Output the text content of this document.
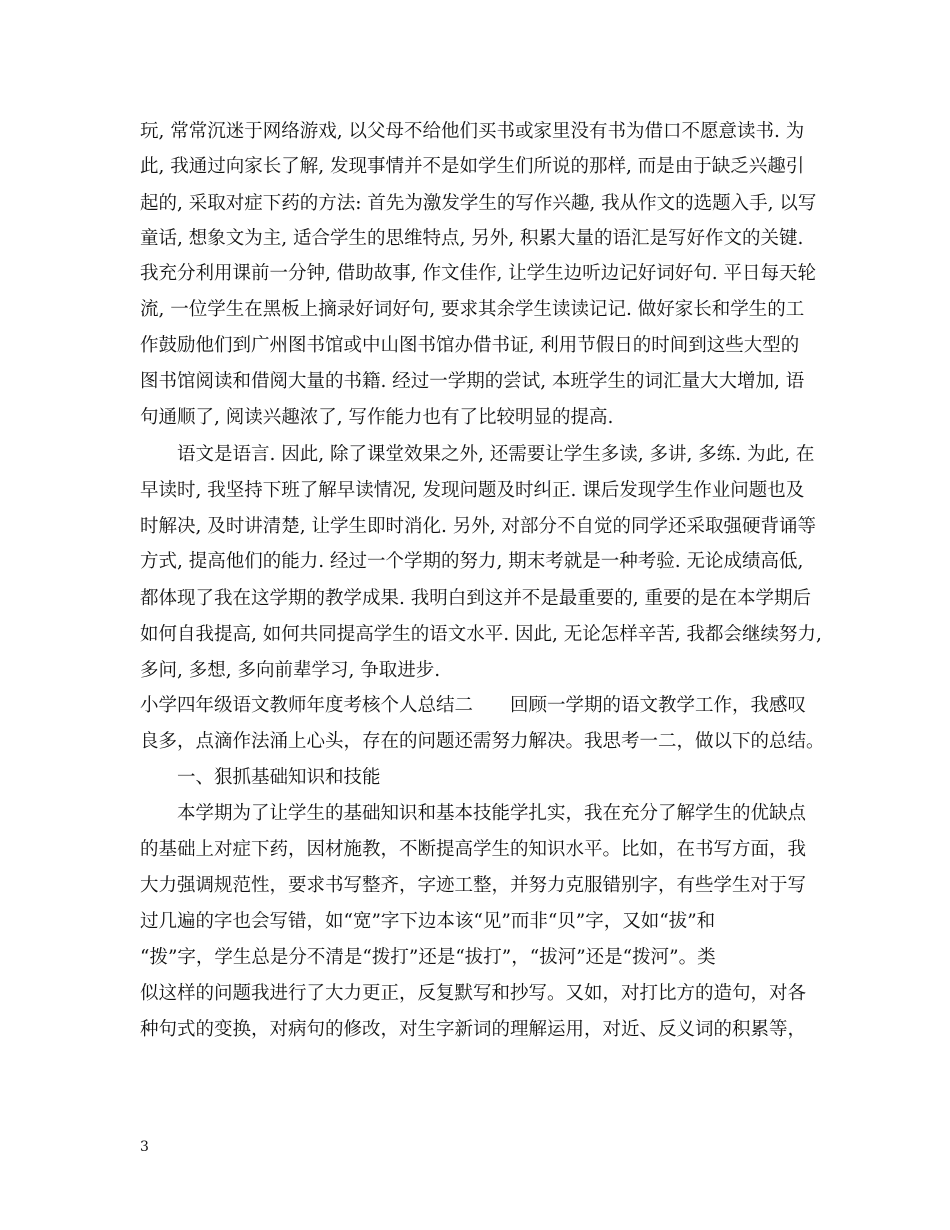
玩, 常常沉迷于网络游戏, 以父母不给他们买书或家里没有书为借口不愿意读书. 为
此, 我通过向家长了解, 发现事情并不是如学生们所说的那样, 而是由于缺乏兴趣引
起的, 采取对症下药的方法: 首先为激发学生的写作兴趣, 我从作文的选题入手, 以写
童话, 想象文为主, 适合学生的思维特点, 另外, 积累大量的语汇是写好作文的关键.
我充分利用课前一分钟, 借助故事, 作文佳作, 让学生边听边记好词好句. 平日每天轮
流, 一位学生在黑板上摘录好词好句, 要求其余学生读读记记. 做好家长和学生的工
作鼓励他们到广州图书馆或中山图书馆办借书证, 利用节假日的时间到这些大型的
图书馆阅读和借阅大量的书籍. 经过一学期的尝试, 本班学生的词汇量大大增加, 语
句通顺了, 阅读兴趣浓了, 写作能力也有了比较明显的提高.
　　语文是语言. 因此, 除了课堂效果之外, 还需要让学生多读, 多讲, 多练. 为此, 在
早读时, 我坚持下班了解早读情况, 发现问题及时纠正. 课后发现学生作业问题也及
时解决, 及时讲清楚, 让学生即时消化. 另外, 对部分不自觉的同学还采取强硬背诵等
方式, 提高他们的能力. 经过一个学期的努力, 期末考就是一种考验. 无论成绩高低,
都体现了我在这学期的教学成果. 我明白到这并不是最重要的, 重要的是在本学期后
如何自我提高, 如何共同提高学生的语文水平. 因此, 无论怎样辛苦, 我都会继续努力,
多问, 多想, 多向前辈学习, 争取进步.
小学四年级语文教师年度考核个人总结二　　回顾一学期的语文教学工作，我感叹
良多，点滴作法涌上心头，存在的问题还需努力解决。我思考一二，做以下的总结。
　　一、狠抓基础知识和技能
　　本学期为了让学生的基础知识和基本技能学扎实，我在充分了解学生的优缺点
的基础上对症下药，因材施教，不断提高学生的知识水平。比如，在书写方面，我
大力强调规范性，要求书写整齐，字迹工整，并努力克服错别字，有些学生对于写
过几遍的字也会写错，如“宽”字下边本该“见”而非“贝”字，又如“拔”和
“拨”字，学生总是分不清是“拨打”还是“拔打”，“拔河”还是“拨河”。类
似这样的问题我进行了大力更正，反复默写和抄写。又如，对打比方的造句，对各
种句式的变换，对病句的修改，对生字新词的理解运用，对近、反义词的积累等，
3
